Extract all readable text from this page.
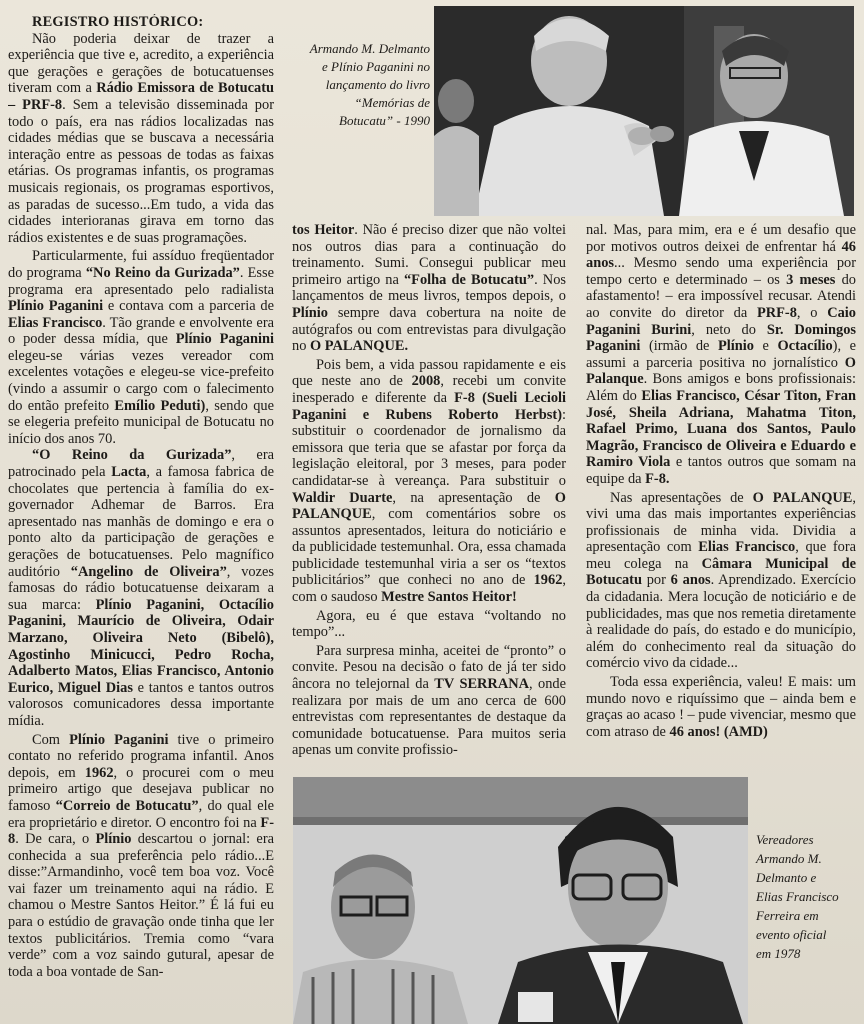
Armando M. Delmanto
e Plínio Paganini no
lançamento do livro
“Memórias de
Botucatu” - 1990

REGISTRO HISTÓRICO:

Não poderia deixar de trazer a experiência que tive e, acredito, a experiência que gerações e gerações de botucatuenses tiveram com a Rádio Emissora de Botucatu – PRF-8. Sem a televisão disseminada por todo o país, era nas rádios localizadas nas cidades médias que se buscava a necessária interação entre as pessoas de todas as faixas etárias. Os programas infantis, os programas musicais regionais, os programas esportivos, as paradas de sucesso...Em tudo, a vida das cidades interioranas girava em torno das rádios existentes e de suas programações.

Particularmente, fui assíduo freqüentador do programa “No Reino da Gurizada”. Esse programa era apresentado pelo radialista Plínio Paganini e contava com a parceria de Elias Francisco. Tão grande e envolvente era o poder dessa mídia, que Plínio Paganini elegeu-se várias vezes vereador com excelentes votações e elegeu-se vice-prefeito (vindo a assumir o cargo com o falecimento do então prefeito Emílio Peduti), sendo que se elegeria prefeito municipal de Botucatu no início dos anos 70.

“O Reino da Gurizada”, era patrocinado pela Lacta, a famosa fabrica de chocolates que pertencia à família do ex-governador Adhemar de Barros. Era apresentado nas manhãs de domingo e era o ponto alto da participação de gerações e gerações de botucatuenses. Pelo magnífico auditório “Angelino de Oliveira”, vozes famosas do rádio botucatuense deixaram a sua marca: Plínio Paganini, Octacílio Paganini, Maurício de Oliveira, Odair Marzano, Oliveira Neto (Bibelô), Agostinho Minicucci, Pedro Rocha, Adalberto Matos, Elias Francisco, Antonio Eurico, Miguel Dias e tantos e tantos outros valorosos comunicadores dessa importante mídia.

Com Plínio Paganini tive o primeiro contato no referido programa infantil. Anos depois, em 1962, o procurei com o meu primeiro artigo que desejava publicar no famoso “Correio de Botucatu”, do qual ele era proprietário e diretor. O encontro foi na F-8. De cara, o Plínio descartou o jornal: era conhecida a sua preferência pelo rádio...E disse:”Armandinho, você tem boa voz. Você vai fazer um treinamento aqui na rádio. E chamou o Mestre Santos Heitor.” É lá fui eu para o estúdio de gravação onde tinha que ler textos publicitários. Tremia como “vara verde” com a voz saindo gutural, apesar de toda a boa vontade de San-

tos Heitor. Não é preciso dizer que não voltei nos outros dias para a continuação do treinamento. Sumi. Consegui publicar meu primeiro artigo na “Folha de Botucatu”. Nos lançamentos de meus livros, tempos depois, o Plínio sempre dava cobertura na noite de autógrafos ou com entrevistas para divulgação no O PALANQUE.

Pois bem, a vida passou rapidamente e eis que neste ano de 2008, recebi um convite inesperado e diferente da F-8 (Sueli Lecioli Paganini e Rubens Roberto Herbst): substituir o coordenador de jornalismo da emissora que teria que se afastar por força da legislação eleitoral, por 3 meses, para poder candidatar-se à vereança. Para substituir o Waldir Duarte, na apresentação de O PALANQUE, com comentários sobre os assuntos apresentados, leitura do noticiário e da publicidade testemunhal. Ora, essa chamada publicidade testemunhal viria a ser os “textos publicitários” que conheci no ano de 1962, com o saudoso Mestre Santos Heitor!

Agora, eu é que estava “voltando no tempo”...

Para surpresa minha, aceitei de “pronto” o convite. Pesou na decisão o fato de já ter sido âncora no telejornal da TV SERRANA, onde realizara por mais de um ano cerca de 600 entrevistas com representantes de destaque da comunidade botucatuense. Para muitos seria apenas um convite profissio-

nal. Mas, para mim, era e é um desafio que por motivos outros deixei de enfrentar há 46 anos... Mesmo sendo uma experiência por tempo certo e determinado – os 3 meses do afastamento! – era impossível recusar. Atendi ao convite do diretor da PRF-8, o Caio Paganini Burini, neto do Sr. Domingos Paganini (irmão de Plínio e Octacílio), e assumi a parceria positiva no jornalístico O Palanque. Bons amigos e bons profissionais: Além do Elias Francisco, César Titon, Fran José, Sheila Adriana, Mahatma Titon, Rafael Primo, Luana dos Santos, Paulo Magrão, Francisco de Oliveira e Eduardo e Ramiro Viola e tantos outros que somam na equipe da F-8.

Nas apresentações de O PALANQUE, vivi uma das mais importantes experiências profissionais de minha vida. Dividia a apresentação com Elias Francisco, que fora meu colega na Câmara Municipal de Botucatu por 6 anos. Aprendizado. Exercício da cidadania. Mera locução de noticiário e de publicidades, mas que nos remetia diretamente à realidade do país, do estado e do município, além do conhecimento real da situação do comércio vivo da cidade...

Toda essa experiência, valeu! E mais: um mundo novo e riquíssimo que – ainda bem e graças ao acaso ! – pude vivenciar, mesmo que com atraso de 46 anos! (AMD)

Vereadores
Armando M.
Delmanto e
Elias Francisco
Ferreira em
evento oficial
em 1978
